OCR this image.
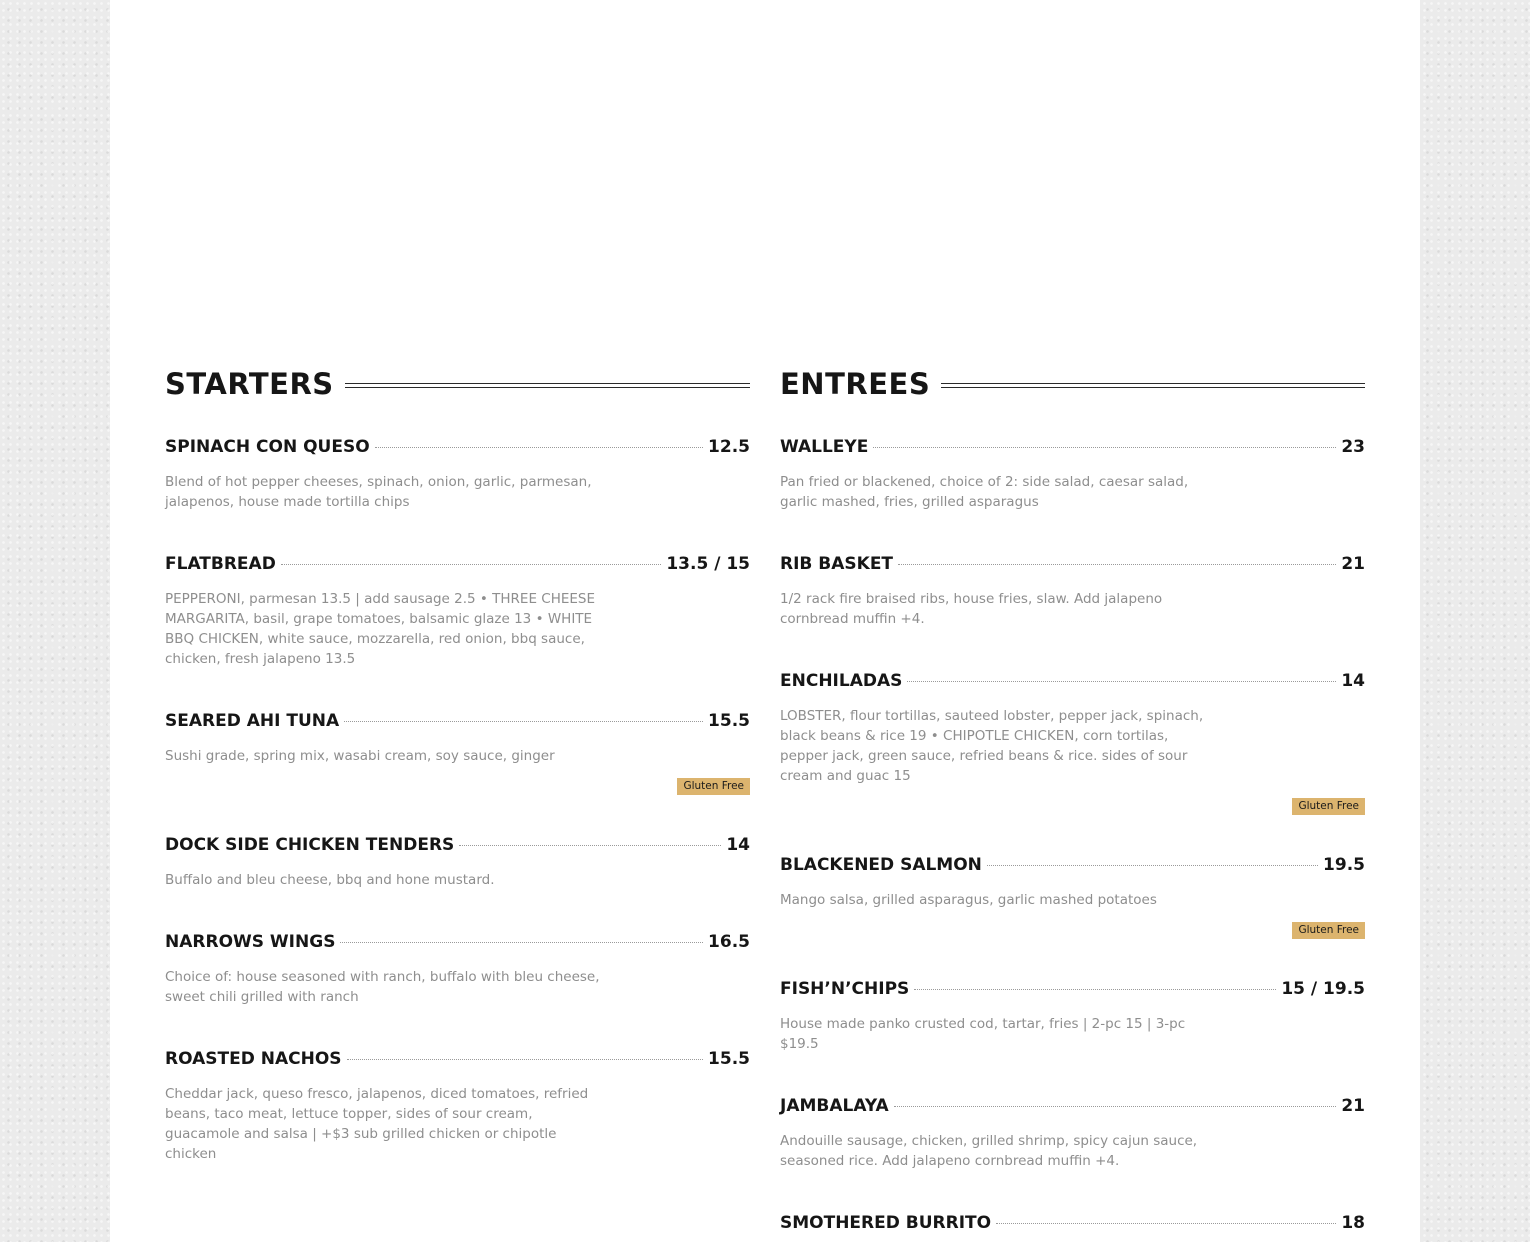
STARTERS
SPINACH CON QUESO	12.5
Blend of hot pepper cheeses, spinach, onion, garlic, parmesan, jalapenos, house made tortilla chips
FLATBREAD	13.5 / 15
PEPPERONI, parmesan 13.5 | add sausage 2.5 • THREE CHEESE MARGARITA, basil, grape tomatoes, balsamic glaze 13 • WHITE BBQ CHICKEN, white sauce, mozzarella, red onion, bbq sauce, chicken, fresh jalapeno 13.5
SEARED AHI TUNA	15.5
Sushi grade, spring mix, wasabi cream, soy sauce, ginger
Gluten Free
DOCK SIDE CHICKEN TENDERS	14
Buffalo and bleu cheese, bbq and hone mustard.
NARROWS WINGS	16.5
Choice of: house seasoned with ranch, buffalo with bleu cheese, sweet chili grilled with ranch
ROASTED NACHOS	15.5
Cheddar jack, queso fresco, jalapenos, diced tomatoes, refried beans, taco meat, lettuce topper, sides of sour cream, guacamole and salsa | +$3 sub grilled chicken or chipotle chicken
ENTREES
WALLEYE	23
Pan fried or blackened, choice of 2: side salad, caesar salad, garlic mashed, fries, grilled asparagus
RIB BASKET	21
1/2 rack fire braised ribs, house fries, slaw. Add jalapeno cornbread muffin +4.
ENCHILADAS	14
LOBSTER, flour tortillas, sauteed lobster, pepper jack, spinach, black beans & rice 19 • CHIPOTLE CHICKEN, corn tortilas, pepper jack, green sauce, refried beans & rice. sides of sour cream and guac 15
Gluten Free
BLACKENED SALMON	19.5
Mango salsa, grilled asparagus, garlic mashed potatoes
Gluten Free
FISH’N’CHIPS	15 / 19.5
House made panko crusted cod, tartar, fries | 2-pc 15 | 3-pc $19.5
JAMBALAYA	21
Andouille sausage, chicken, grilled shrimp, spicy cajun sauce, seasoned rice. Add jalapeno cornbread muffin +4.
SMOTHERED BURRITO	18
